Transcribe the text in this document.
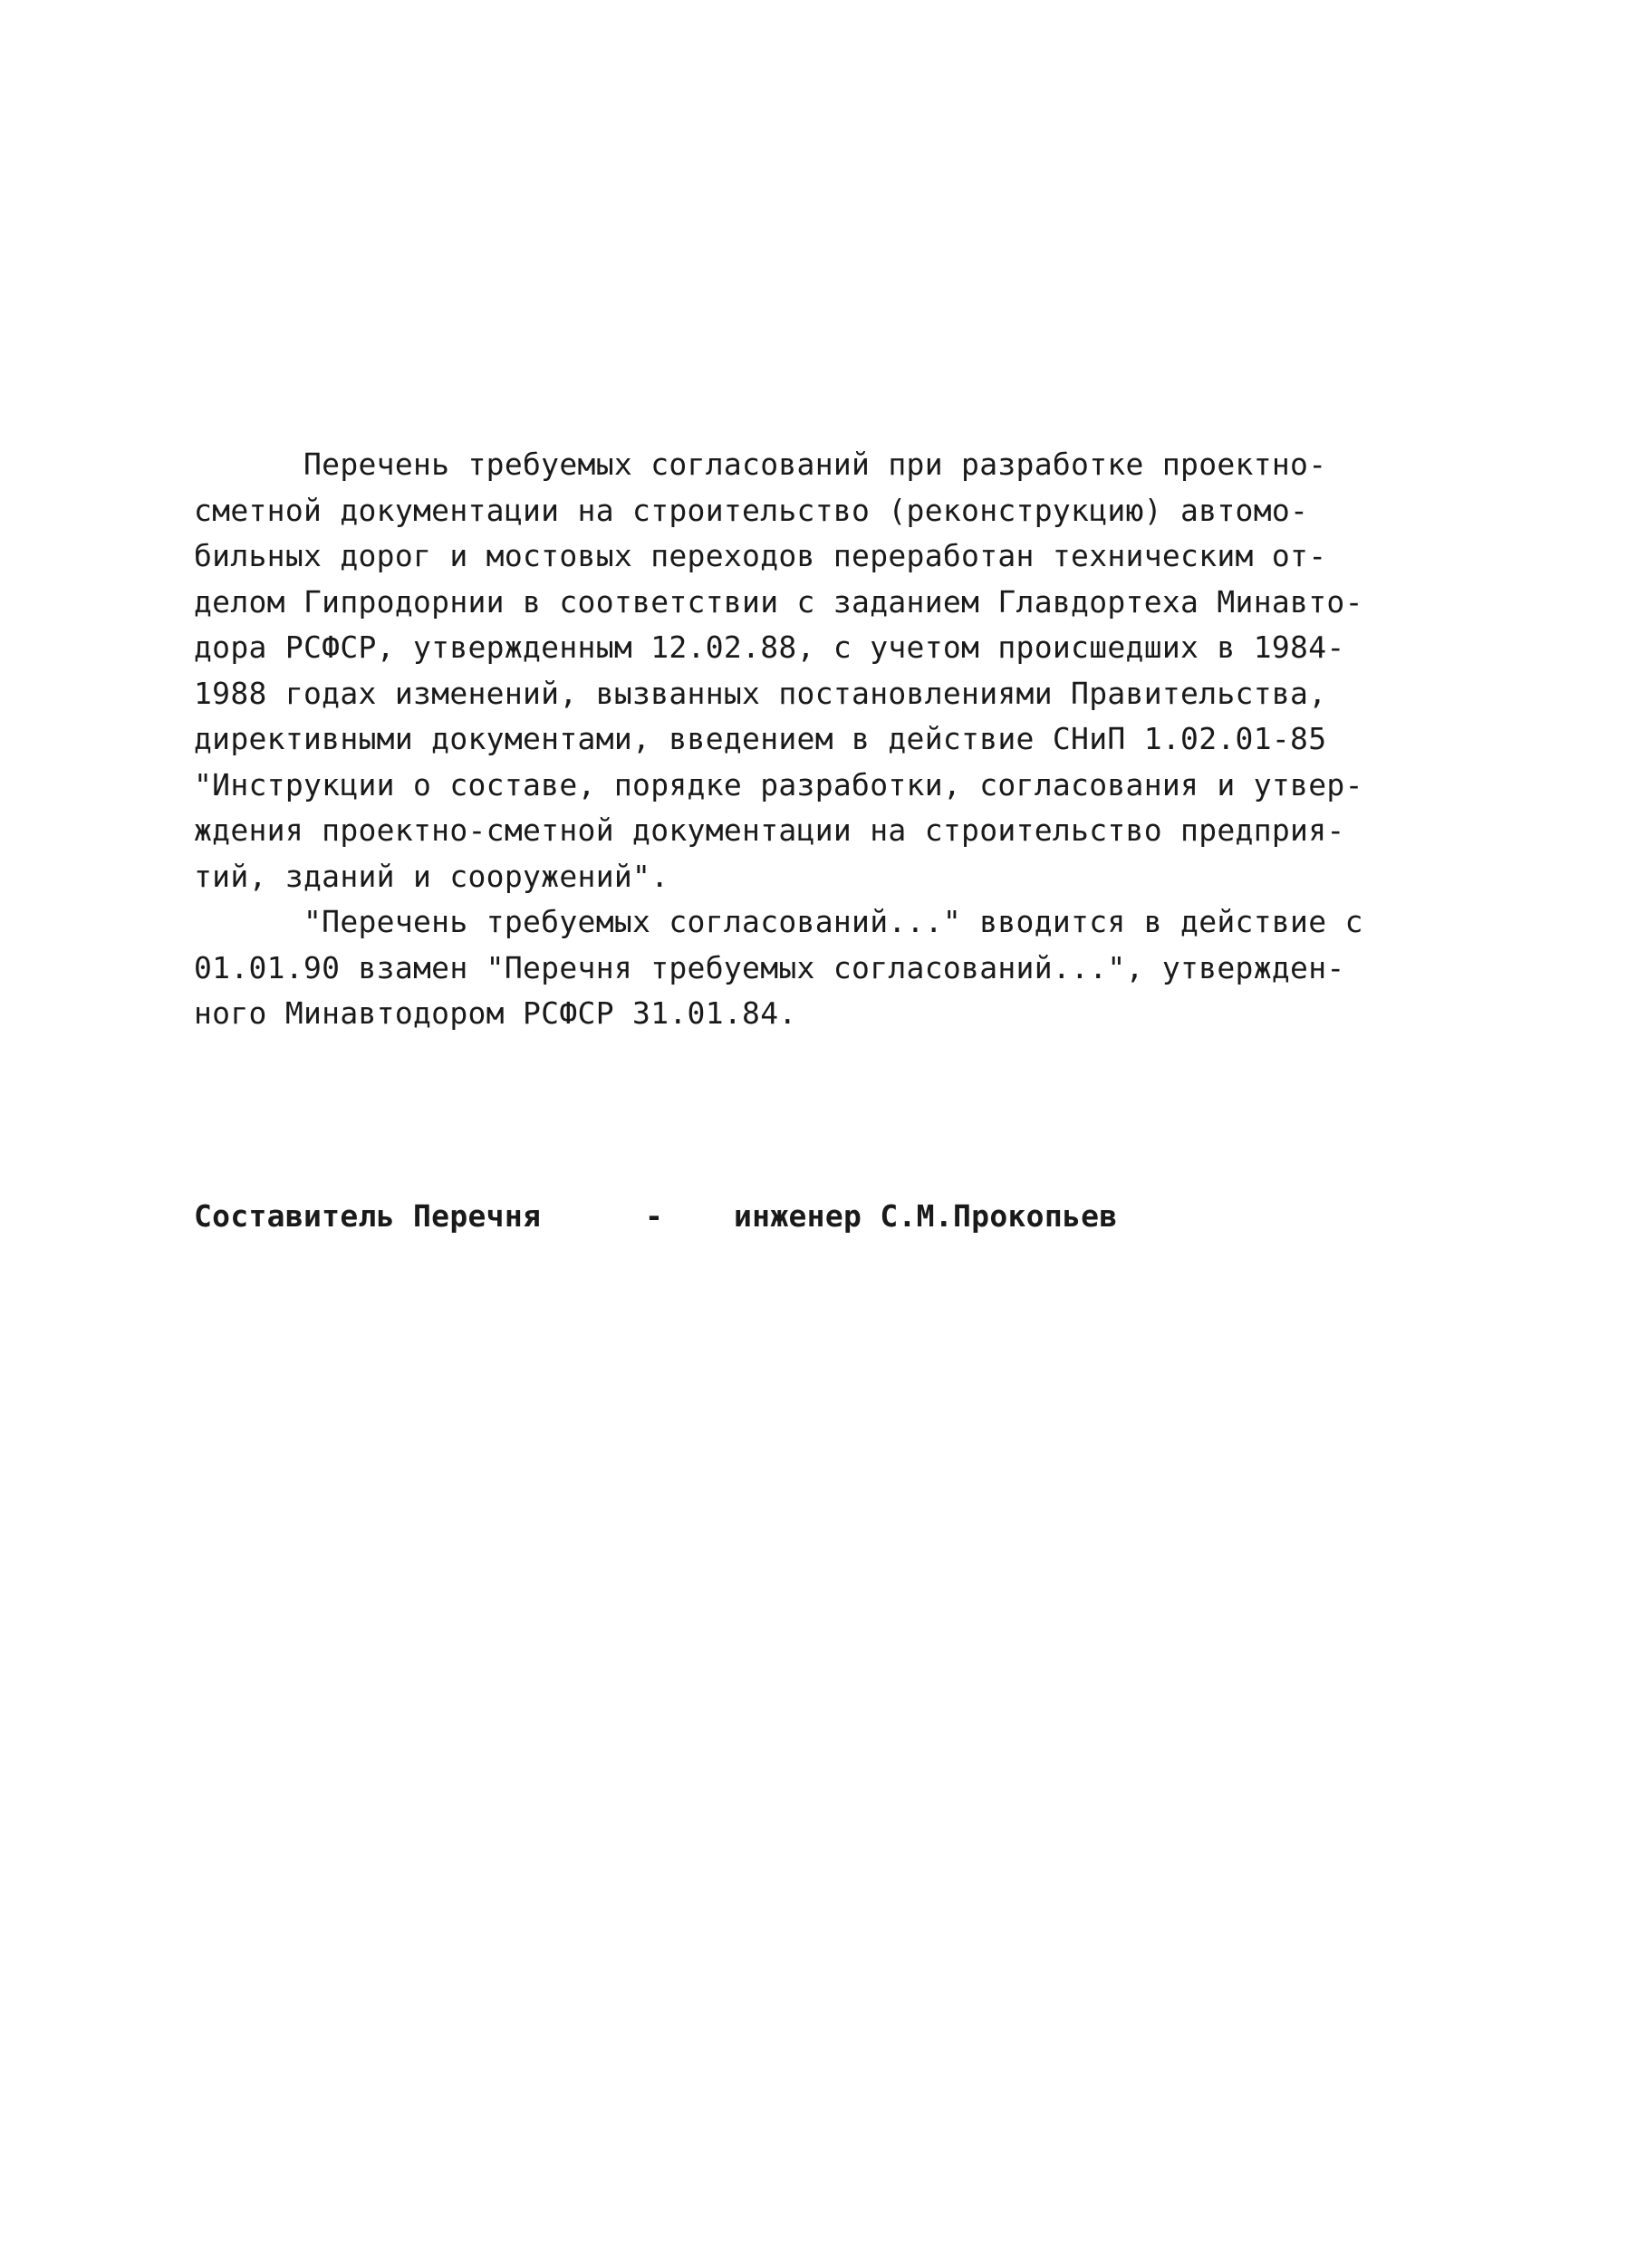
Перечень требуемых согласований при разработке проектно-
сметной документации на строительство (реконструкцию) автомо-
бильных дорог и мостовых переходов переработан техническим от-
делом Гипродорнии в соответствии с заданием Главдортеха Минавто-
дора РСФСР, утвержденным 12.02.88, с учетом происшедших в 1984-
1988 годах изменений, вызванных постановлениями Правительства,
директивными документами, введением в действие СНиП 1.02.01-85
"Инструкции о составе, порядке разработки, согласования и утвер-
ждения проектно-сметной документации на строительство предприя-
тий, зданий и сооружений".
"Перечень требуемых согласований..." вводится в действие с
01.01.90 взамен "Перечня требуемых согласований...", утвержден-
ного Минавтодором РСФСР 31.01.84.
Составитель Перечня	- инженер С.М.Прокопьев
